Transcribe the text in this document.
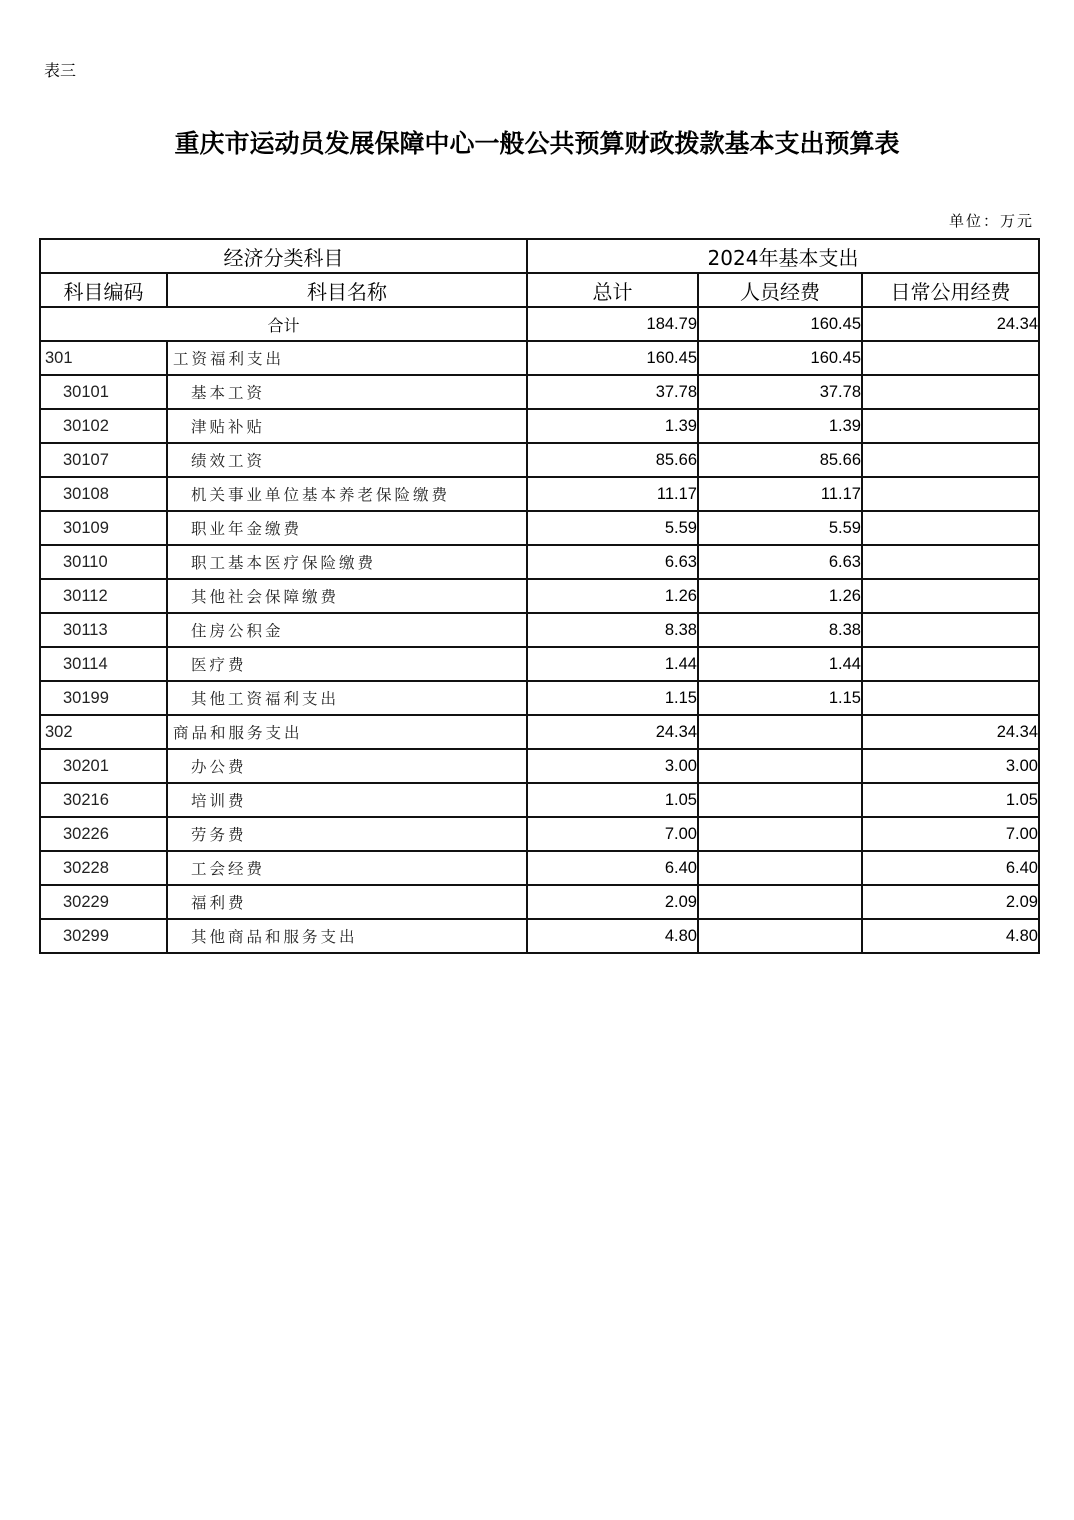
表三
重庆市运动员发展保障中心一般公共预算财政拨款基本支出预算表
单位：万元
经济分类科目		2024年基本支出		
科目编码	科目名称	总计	人员经费	日常公用经费
合计		184.79	160.45	24.34
301	工资福利支出	160.45	160.45	
30101	基本工资	37.78	37.78	
30102	津贴补贴	1.39	1.39	
30107	绩效工资	85.66	85.66	
30108	机关事业单位基本养老保险缴费	11.17	11.17	
30109	职业年金缴费	5.59	5.59	
30110	职工基本医疗保险缴费	6.63	6.63	
30112	其他社会保障缴费	1.26	1.26	
30113	住房公积金	8.38	8.38	
30114	医疗费	1.44	1.44	
30199	其他工资福利支出	1.15	1.15	
302	商品和服务支出	24.34		24.34
30201	办公费	3.00		3.00
30216	培训费	1.05		1.05
30226	劳务费	7.00		7.00
30228	工会经费	6.40		6.40
30229	福利费	2.09		2.09
30299	其他商品和服务支出	4.80		4.80
